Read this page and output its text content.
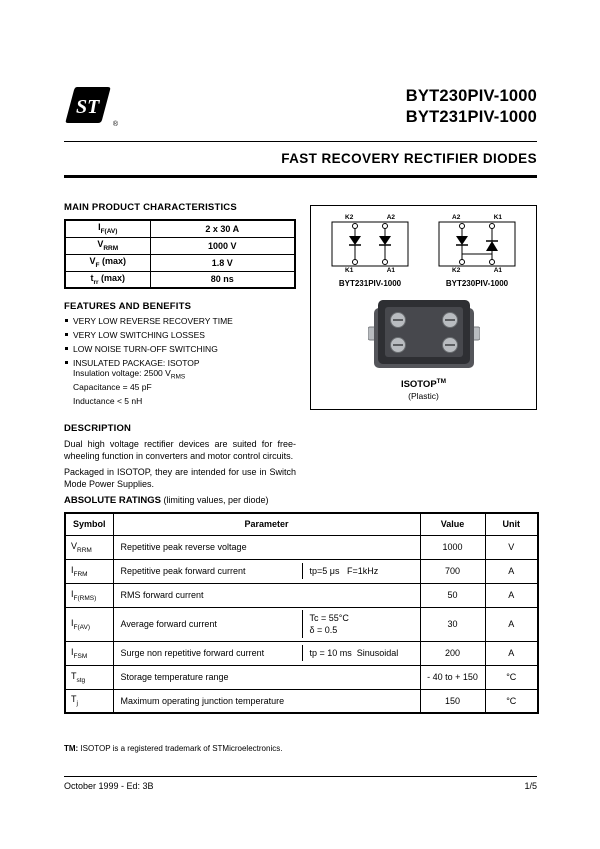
ST
®
BYT230PIV-1000
BYT231PIV-1000
FAST RECOVERY RECTIFIER DIODES
MAIN PRODUCT CHARACTERISTICS
$I_{F(AV)}$	2 x 30 A
$V_{RRM}$	1000 V
$V_F$ (max)	1.8 V
$t_{rr}$ (max)	80 ns
FEATURES AND BENEFITS
VERY LOW REVERSE RECOVERY TIME
VERY LOW SWITCHING LOSSES
LOW NOISE TURN-OFF SWITCHING
INSULATED PACKAGE: ISOTOP
Insulation voltage: 2500 $V_{RMS}$
Capacitance = 45 pF
Inductance < 5 nH
DESCRIPTION

Dual high voltage rectifier devices are suited for free-wheeling function in converters and motor control circuits.

Packaged in ISOTOP, they are intended for use in Switch Mode Power Supplies.

K2	A2
K1	A1
BYT231PIV-1000
A2	K1
K2	A1
BYT230PIV-1000
ISOTOP™
(Plastic)
ABSOLUTE RATINGS (limiting values, per diode)
Symbol	Parameter	Value	Unit
$V_{RRM}$	Repetitive peak reverse voltage	1000	V
$I_{FRM}$	Repetitive peak forward current tp=5 μs   F=1kHz	700	A
$I_{F(RMS)}$	RMS forward current	50	A
$I_{F(AV)}$	Average forward current
Tc = 55°C
δ = 0.5	30	A
$I_{FSM}$	Surge non repetitive forward current tp = 10 ms  Sinusoidal	200	A
$T_{stg}$	Storage temperature range	- 40 to + 150	°C
$T_j$	Maximum operating junction temperature	150	°C
TM: ISOTOP is a registered trademark of STMicroelectronics.
October 1999 - Ed: 3B	1/5
